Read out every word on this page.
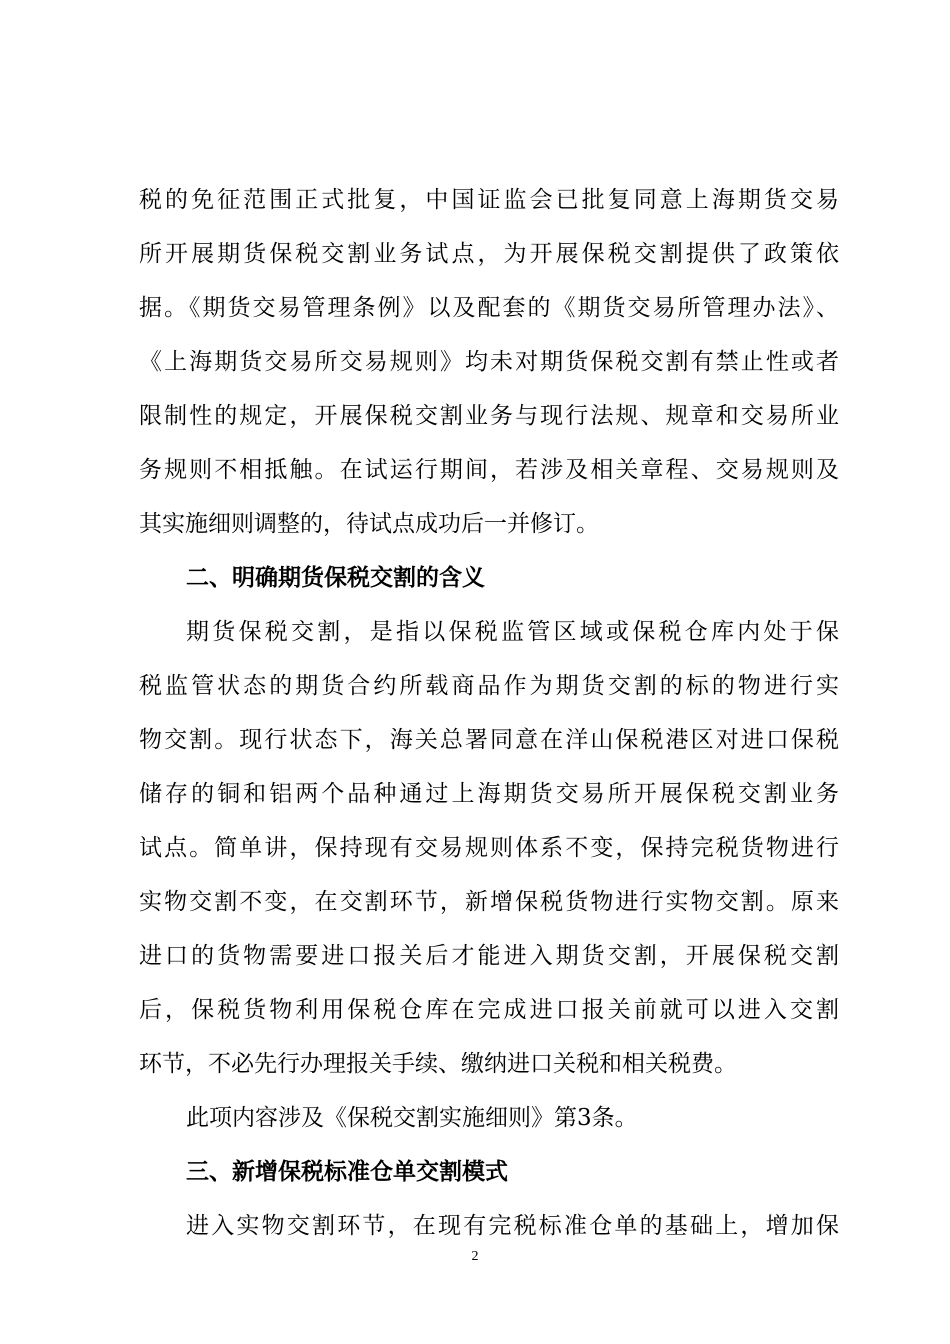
税的免征范围正式批复，中国证监会已批复同意上海期货交易
所开展期货保税交割业务试点，为开展保税交割提供了政策依
据。《期货交易管理条例》以及配套的《期货交易所管理办法》、
《上海期货交易所交易规则》均未对期货保税交割有禁止性或者
限制性的规定，开展保税交割业务与现行法规、规章和交易所业
务规则不相抵触。在试运行期间，若涉及相关章程、交易规则及
其实施细则调整的，待试点成功后一并修订。
二、明确期货保税交割的含义
期货保税交割，是指以保税监管区域或保税仓库内处于保
税监管状态的期货合约所载商品作为期货交割的标的物进行实
物交割。现行状态下，海关总署同意在洋山保税港区对进口保税
储存的铜和铝两个品种通过上海期货交易所开展保税交割业务
试点。简单讲，保持现有交易规则体系不变，保持完税货物进行
实物交割不变，在交割环节，新增保税货物进行实物交割。原来
进口的货物需要进口报关后才能进入期货交割，开展保税交割
后，保税货物利用保税仓库在完成进口报关前就可以进入交割
环节，不必先行办理报关手续、缴纳进口关税和相关税费。
此项内容涉及《保税交割实施细则》第3条。
三、新增保税标准仓单交割模式
进入实物交割环节，在现有完税标准仓单的基础上，增加保
2
